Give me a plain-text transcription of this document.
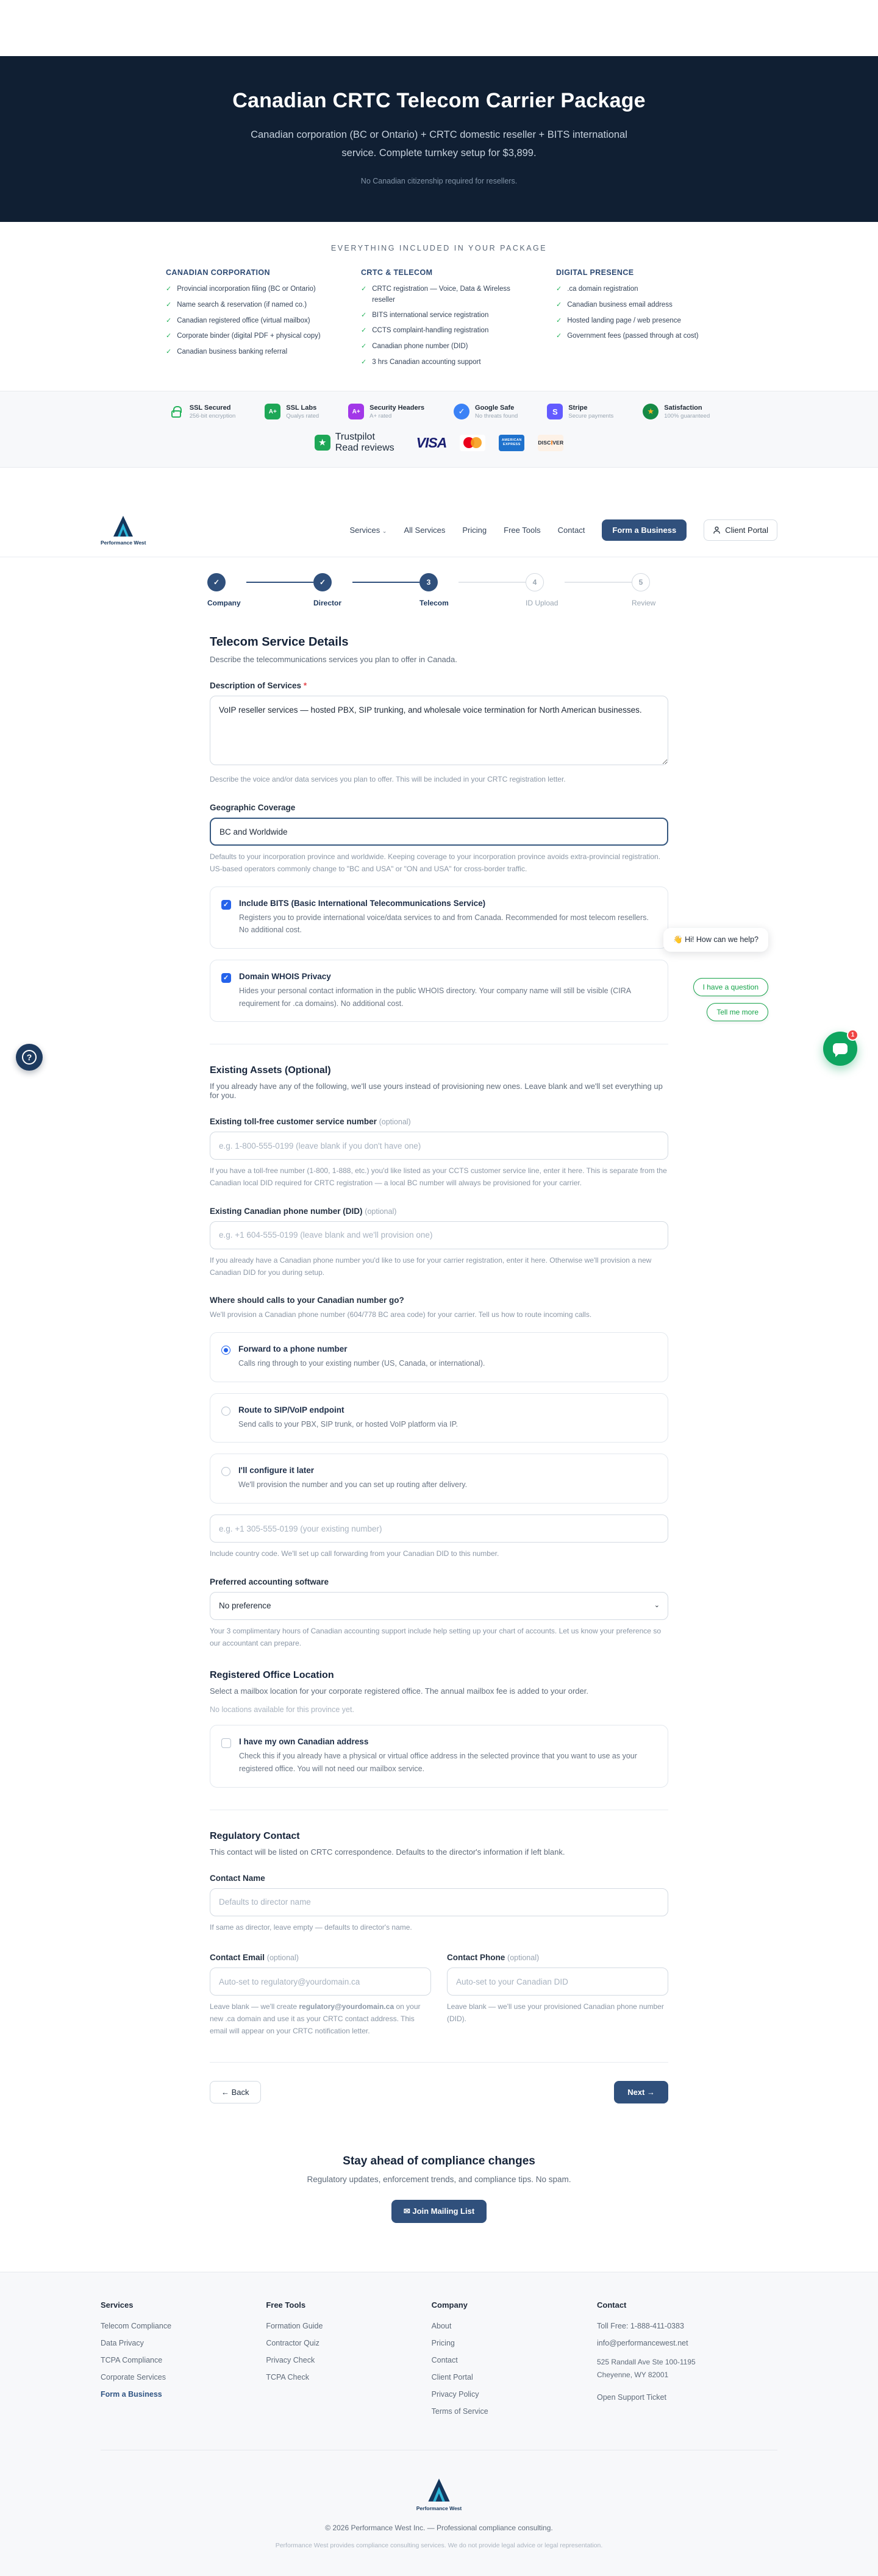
Canadian CRTC Telecom Carrier Package

Canadian corporation (BC or Ontario) + CRTC domestic reseller + BITS international service. Complete turnkey setup for $3,899.

No Canadian citizenship required for resellers.

EVERYTHING INCLUDED IN YOUR PACKAGE
CANADIAN CORPORATION
✓ Provincial incorporation filing (BC or Ontario)
✓ Name search & reservation (if named co.)
✓ Canadian registered office (virtual mailbox)
✓ Corporate binder (digital PDF + physical copy)
✓ Canadian business banking referral
CRTC & TELECOM
✓ CRTC registration — Voice, Data & Wireless reseller
✓ BITS international service registration
✓ CCTS complaint-handling registration
✓ Canadian phone number (DID)
✓ 3 hrs Canadian accounting support
DIGITAL PRESENCE
✓ .ca domain registration
✓ Canadian business email address
✓ Hosted landing page / web presence
✓ Government fees (passed through at cost)
SSL Secured
256-bit encryption
A+
SSL Labs
Qualys rated
A+
Security Headers
A+ rated	✓	Google Safe
No threats found	S	Stripe
Secure payments	★	Satisfaction
100% guaranteed
★
Trustpilot
Read reviews VISA	AMERICAN EXPRESS	DISC VER
Performance West
Services ⌄ All Services Pricing Free Tools Contact	Form a Business	Client Portal
✓
Company
✓
Director
3
Telecom
4
ID Upload
5
Review
Telecom Service Details

Describe the telecommunications services you plan to offer in Canada.

Description of Services *
VoIP reseller services — hosted PBX, SIP trunking, and wholesale voice termination for North American businesses.

Describe the voice and/or data services you plan to offer. This will be included in your CRTC registration letter.

Geographic Coverage
BC and Worldwide

Defaults to your incorporation province and worldwide. Keeping coverage to your incorporation province avoids extra-provincial registration. US-based operators commonly change to "BC and USA" or "ON and USA" for cross-border traffic.

✓
Include BITS (Basic International Telecommunications Service)
Registers you to provide international voice/data services to and from Canada. Recommended for most telecom resellers. No additional cost.
✓
Domain WHOIS Privacy
Hides your personal contact information in the public WHOIS directory. Your company name will still be visible (CIRA requirement for .ca domains). No additional cost.
Existing Assets (Optional)

If you already have any of the following, we'll use yours instead of provisioning new ones. Leave blank and we'll set everything up for you.

Existing toll-free customer service number (optional)
e.g. 1-800-555-0199 (leave blank if you don't have one)

If you have a toll-free number (1-800, 1-888, etc.) you'd like listed as your CCTS customer service line, enter it here. This is separate from the Canadian local DID required for CRTC registration — a local BC number will always be provisioned for your carrier.

Existing Canadian phone number (DID) (optional)
e.g. +1 604-555-0199 (leave blank and we'll provision one)

If you already have a Canadian phone number you'd like to use for your carrier registration, enter it here. Otherwise we'll provision a new Canadian DID for you during setup.

Where should calls to your Canadian number go?

We'll provision a Canadian phone number (604/778 BC area code) for your carrier. Tell us how to route incoming calls.

Forward to a phone number
Calls ring through to your existing number (US, Canada, or international).
Route to SIP/VoIP endpoint
Send calls to your PBX, SIP trunk, or hosted VoIP platform via IP.
I'll configure it later
We'll provision the number and you can set up routing after delivery.
e.g. +1 305-555-0199 (your existing number)

Include country code. We'll set up call forwarding from your Canadian DID to this number.

Preferred accounting software
No preference
⌄

Your 3 complimentary hours of Canadian accounting support include help setting up your chart of accounts. Let us know your preference so our accountant can prepare.

Registered Office Location

Select a mailbox location for your corporate registered office. The annual mailbox fee is added to your order.

No locations available for this province yet.

I have my own Canadian address
Check this if you already have a physical or virtual office address in the selected province that you want to use as your registered office. You will not need our mailbox service.
Regulatory Contact

This contact will be listed on CRTC correspondence. Defaults to the director's information if left blank.

Contact Name
Defaults to director name

If same as director, leave empty — defaults to director's name.

Contact Email (optional)
Auto-set to regulatory@yourdomain.ca

Leave blank — we'll create regulatory@yourdomain.ca on your new .ca domain and use it as your CRTC contact address. This email will appear on your CRTC notification letter.

Contact Phone (optional)
Auto-set to your Canadian DID

Leave blank — we'll use your provisioned Canadian phone number (DID).

← Back	Next →
Stay ahead of compliance changes

Regulatory updates, enforcement trends, and compliance tips. No spam.

✉ Join Mailing List
Services
Telecom Compliance
Data Privacy
TCPA Compliance
Corporate Services
Form a Business
Free Tools
Formation Guide
Contractor Quiz
Privacy Check
TCPA Check
Company
About
Pricing
Contact
Client Portal
Privacy Policy
Terms of Service
Contact
Toll Free: 1-888-411-0383
info@performancewest.net
525 Randall Ave Ste 100-1195
Cheyenne, WY 82001
Open Support Ticket
Performance West

© 2026 Performance West Inc. — Professional compliance consulting.

Performance West provides compliance consulting services. We do not provide legal advice or legal representation.

?
👋 Hi! How can we help?
I have a question
Tell me more
1
